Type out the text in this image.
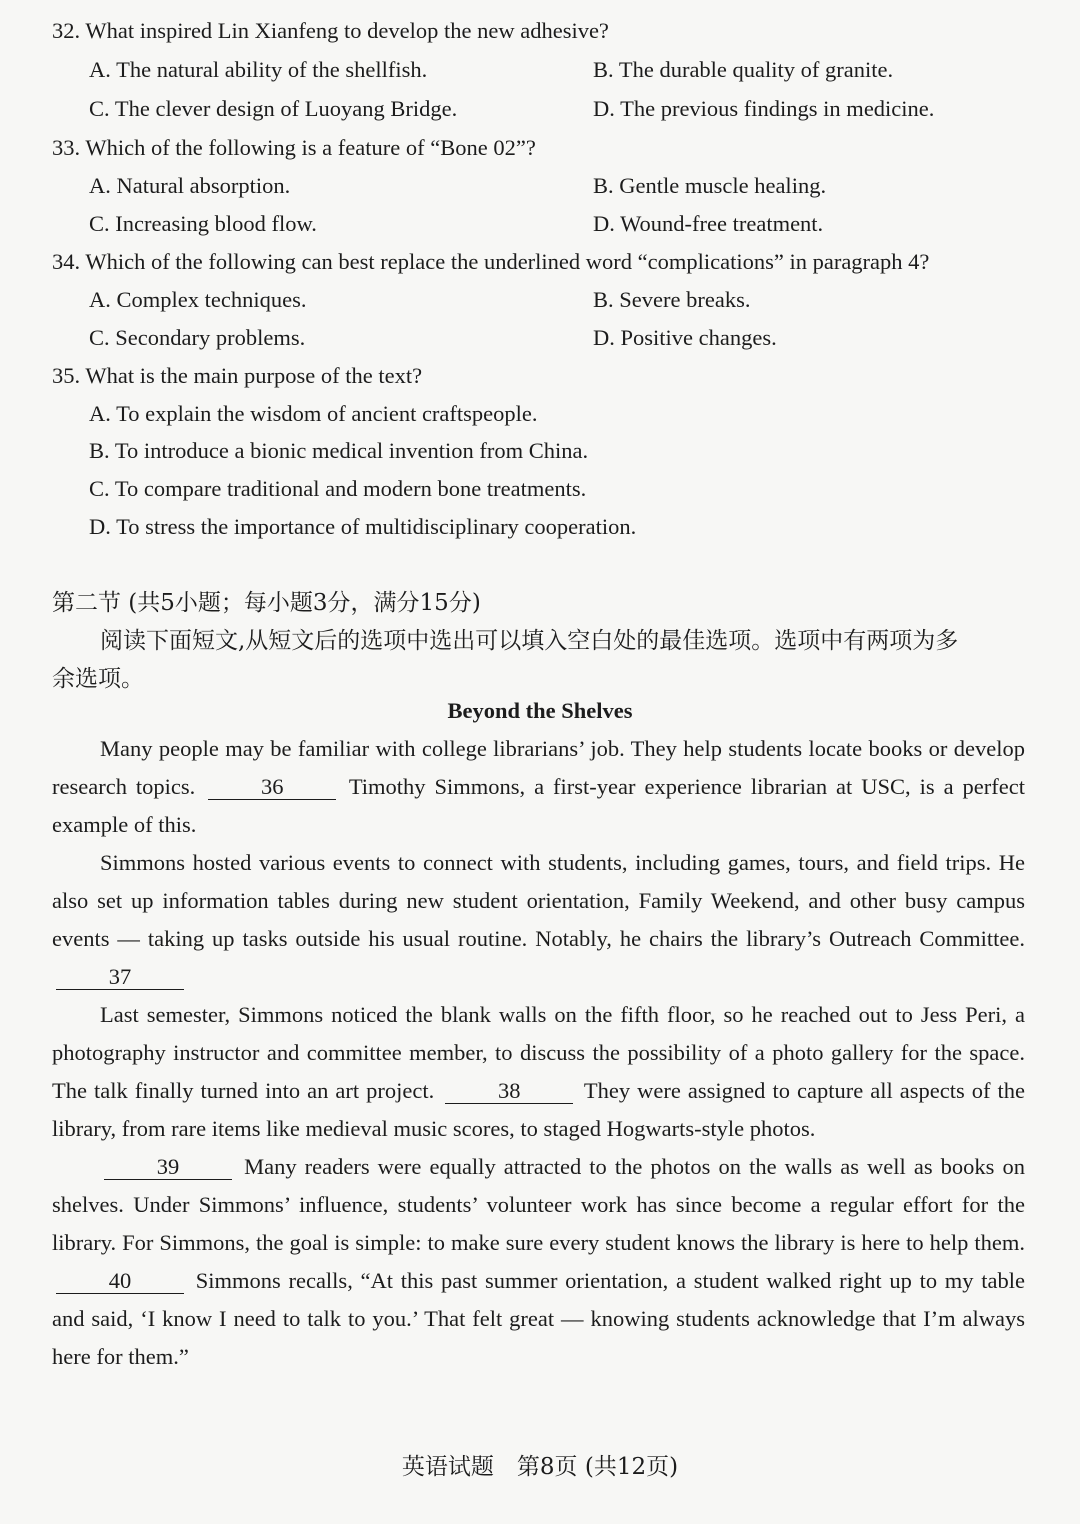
32. What inspired Lin Xianfeng to develop the new adhesive?
A. The natural ability of the shellfish.	B. The durable quality of granite.
C. The clever design of Luoyang Bridge.	D. The previous findings in medicine.
33. Which of the following is a feature of “Bone 02”?
A. Natural absorption.	B. Gentle muscle healing.
C. Increasing blood flow.	D. Wound-free treatment.
34. Which of the following can best replace the underlined word “complications” in paragraph 4?
A. Complex techniques.	B. Severe breaks.
C. Secondary problems.	D. Positive changes.
35. What is the main purpose of the text?
A. To explain the wisdom of ancient craftspeople.
B. To introduce a bionic medical invention from China.
C. To compare traditional and modern bone treatments.
D. To stress the importance of multidisciplinary cooperation.
第二节 (共5小题；每小题3分，满分15分)
阅读下面短文,从短文后的选项中选出可以填入空白处的最佳选项。选项中有两项为多
余选项。
Beyond the Shelves

Many people may be familiar with college librarians’ job. They help students locate books or develop research topics.	36	Timothy Simmons, a first-year experience librarian at USC, is a perfect example of this.

Simmons hosted various events to connect with students, including games, tours, and field trips. He also set up information tables during new student orientation, Family Weekend, and other busy campus events — taking up tasks outside his usual routine. Notably, he chairs the library’s Outreach Committee. 37

Last semester, Simmons noticed the blank walls on the fifth floor, so he reached out to Jess Peri, a photography instructor and committee member, to discuss the possibility of a photo gallery for the space. The talk finally turned into an art project.	38	They were assigned to capture all aspects of the library, from rare items like medieval music scores, to staged Hogwarts-style photos.

39	Many readers were equally attracted to the photos on the walls as well as books on shelves. Under Simmons’ influence, students’ volunteer work has since become a regular effort for the library. For Simmons, the goal is simple: to make sure every student knows the library is here to help them. 40	Simmons recalls, “At this past summer orientation, a student walked right up to my table and said, ‘I know I need to talk to you.’ That felt great — knowing students acknowledge that I’m always here for them.”

英语试题　第8页 (共12页)
